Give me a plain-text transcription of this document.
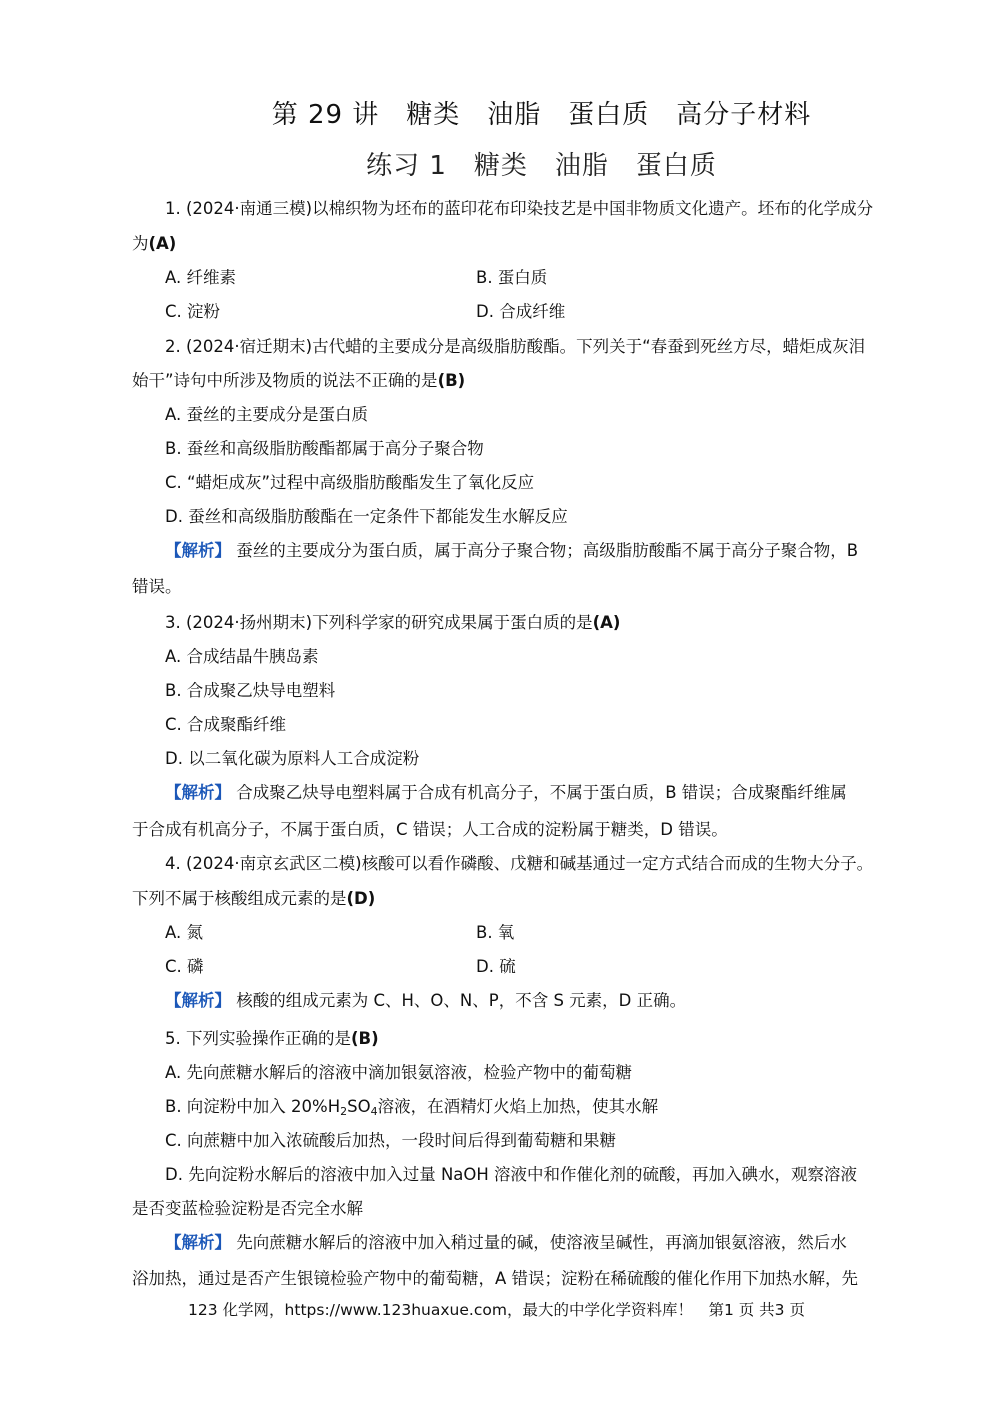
第 29 讲　糖类　油脂　蛋白质　高分子材料
练习 1　糖类　油脂　蛋白质
1. (2024·南通三模)以棉织物为坯布的蓝印花布印染技艺是中国非物质文化遗产。坯布的化学成分
为(A)
A. 纤维素	B. 蛋白质
C. 淀粉	D. 合成纤维
2. (2024·宿迁期末)古代蜡的主要成分是高级脂肪酸酯。下列关于“春蚕到死丝方尽，蜡炬成灰泪
始干”诗句中所涉及物质的说法不正确的是(B)
A. 蚕丝的主要成分是蛋白质
B. 蚕丝和高级脂肪酸酯都属于高分子聚合物
C. “蜡炬成灰”过程中高级脂肪酸酯发生了氧化反应
D. 蚕丝和高级脂肪酸酯在一定条件下都能发生水解反应
【解析】 蚕丝的主要成分为蛋白质，属于高分子聚合物；高级脂肪酸酯不属于高分子聚合物，B
错误。
3. (2024·扬州期末)下列科学家的研究成果属于蛋白质的是(A)
A. 合成结晶牛胰岛素
B. 合成聚乙炔导电塑料
C. 合成聚酯纤维
D. 以二氧化碳为原料人工合成淀粉
【解析】 合成聚乙炔导电塑料属于合成有机高分子，不属于蛋白质，B 错误；合成聚酯纤维属
于合成有机高分子，不属于蛋白质，C 错误；人工合成的淀粉属于糖类，D 错误。
4. (2024·南京玄武区二模)核酸可以看作磷酸、戊糖和碱基通过一定方式结合而成的生物大分子。
下列不属于核酸组成元素的是(D)
A. 氮	B. 氧
C. 磷	D. 硫
【解析】 核酸的组成元素为 C、H、O、N、P，不含 S 元素，D 正确。
5. 下列实验操作正确的是(B)
A. 先向蔗糖水解后的溶液中滴加银氨溶液，检验产物中的葡萄糖
B. 向淀粉中加入 $20\%H_2SO_4$溶液，在酒精灯火焰上加热，使其水解
C. 向蔗糖中加入浓硫酸后加热，一段时间后得到葡萄糖和果糖
D. 先向淀粉水解后的溶液中加入过量 NaOH 溶液中和作催化剂的硫酸，再加入碘水，观察溶液
是否变蓝检验淀粉是否完全水解
【解析】 先向蔗糖水解后的溶液中加入稍过量的碱，使溶液呈碱性，再滴加银氨溶液，然后水
浴加热，通过是否产生银镜检验产物中的葡萄糖，A 错误；淀粉在稀硫酸的催化作用下加热水解，先
123 化学网，https://www.123huaxue.com，最大的中学化学资料库！　第1 页 共3 页
